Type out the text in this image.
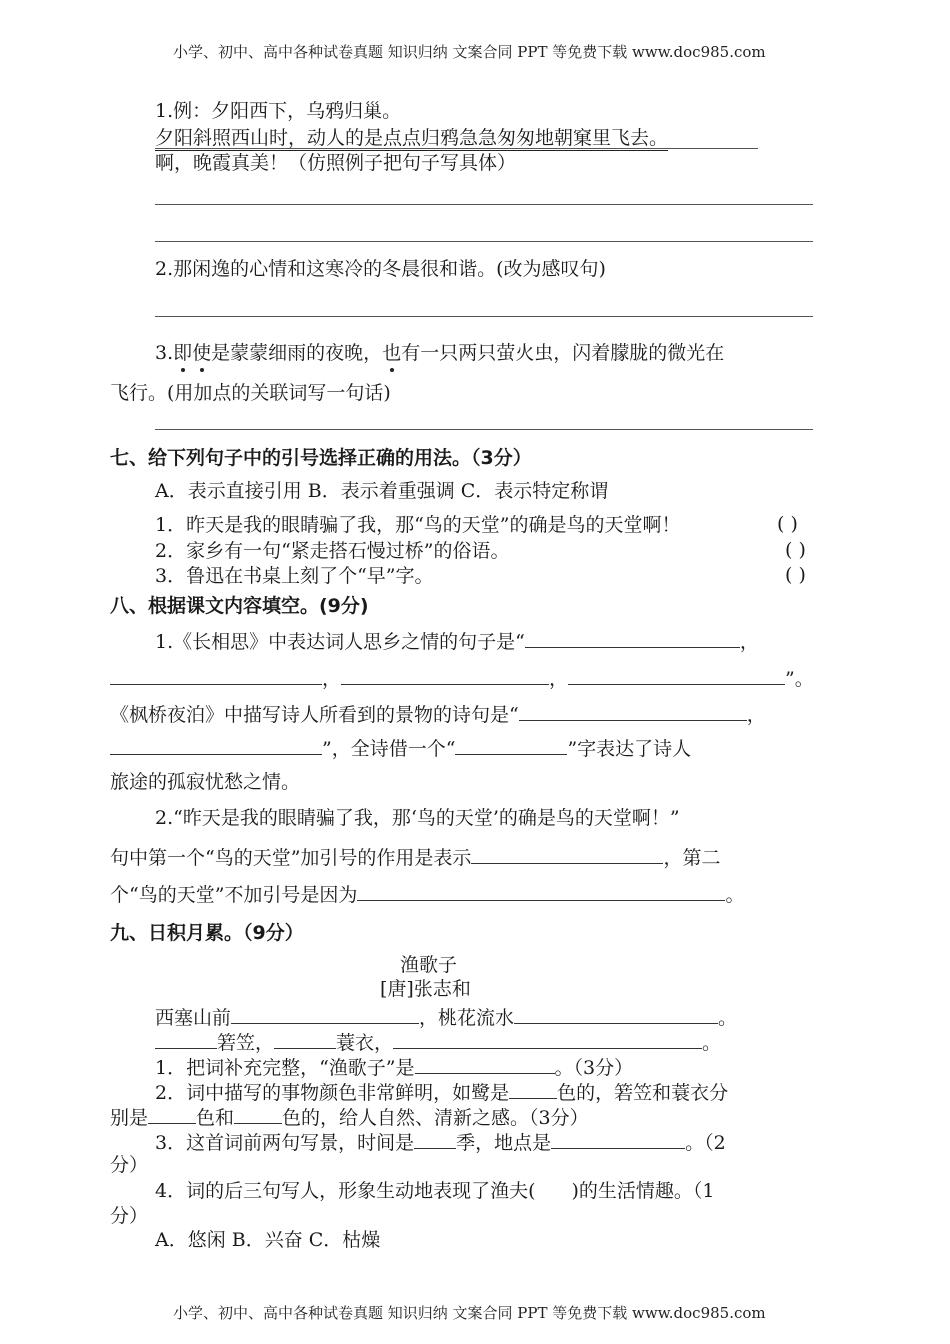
小学、初中、高中各种试卷真题 知识归纳 文案合同 PPT 等免费下载 www.doc985.com
1.例：夕阳西下，乌鸦归巢。
夕阳斜照西山时，动人的是点点归鸦急急匆匆地朝窠里飞去。
啊，晚霞真美！（仿照例子把句子写具体）
2.那闲逸的心情和这寒冷的冬晨很和谐。(改为感叹句)
3.即使是蒙蒙细雨的夜晚，也有一只两只萤火虫，闪着朦胧的微光在
飞行。(用加点的关联词写一句话)
七、给下列句子中的引号选择正确的用法。（3分）
A．表示直接引用 B．表示着重强调 C．表示特定称谓
1．昨天是我的眼睛骗了我，那“鸟的天堂”的确是鸟的天堂啊！	( )
2．家乡有一句“紧走搭石慢过桥”的俗语。	( )
3．鲁迅在书桌上刻了个“早”字。	( )
八、根据课文内容填空。(9分)
1.《长相思》中表达词人思乡之情的句子是“	，
，	，	”。
《枫桥夜泊》中描写诗人所看到的景物的诗句是“	，
”，全诗借一个“	”字表达了诗人
旅途的孤寂忧愁之情。
2.“昨天是我的眼睛骗了我，那‘鸟的天堂’的确是鸟的天堂啊！”
句中第一个“鸟的天堂”加引号的作用是表示	，第二
个“鸟的天堂”不加引号是因为	。
九、日积月累。（9分）
渔歌子
[唐]张志和
西塞山前	，桃花流水	。
箬笠，	蓑衣，	。
1．把词补充完整，“渔歌子”是	。（3分）
2．词中描写的事物颜色非常鲜明，如鹭是	色的，箬笠和蓑衣分
别是	色和	色的，给人自然、清新之感。（3分）
3．这首词前两句写景，时间是 季，地点是	。（2
分）
4．词的后三句写人，形象生动地表现了渔夫( )的生活情趣。（1
分）
A．悠闲 B．兴奋 C．枯燥
小学、初中、高中各种试卷真题 知识归纳 文案合同 PPT 等免费下载 www.doc985.com
